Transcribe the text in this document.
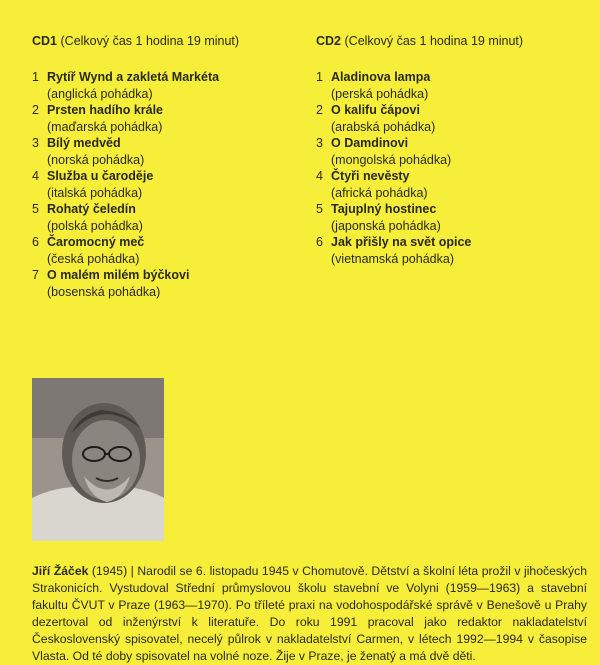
CD1 (Celkový čas 1 hodina 19 minut)
1 Rytíř Wynd a zakletá Markéta
(anglická pohádka)
2 Prsten hadího krále
(maďarská pohádka)
3 Bílý medvěd
(norská pohádka)
4 Služba u čaroděje
(italská pohádka)
5 Rohatý čeledín
(polská pohádka)
6 Čaromocný meč
(česká pohádka)
7 O malém milém býčkovi
(bosenská pohádka)
CD2 (Celkový čas 1 hodina 19 minut)
1 Aladinova lampa
(perská pohádka)
2 O kalifu čápovi
(arabská pohádka)
3 O Damdinovi
(mongolská pohádka)
4 Čtyři nevěsty
(africká pohádka)
5 Tajuplný hostinec
(japonská pohádka)
6 Jak přišly na svět opice
(vietnamská pohádka)

Jiří Žáček (1945) | Narodil se 6. listopadu 1945 v Chomutově. Dětství a školní léta prožil v jihočeských Strakonicích. Vystudoval Střední průmyslovou školu stavební ve Volyni (1959—1963) a stavební fakultu ČVUT v Praze (1963—1970). Po tříleté praxi na vodohospodářské správě v Benešově u Prahy dezertoval od inženýrství k literatuře. Do roku 1991 pracoval jako redaktor nakladatelství Československý spisovatel, necelý půlrok v nakladatelství Carmen, v létech 1992—1994 v časopise Vlasta. Od té doby spisovatel na volné noze. Žije v Praze, je ženatý a má dvě děti.
